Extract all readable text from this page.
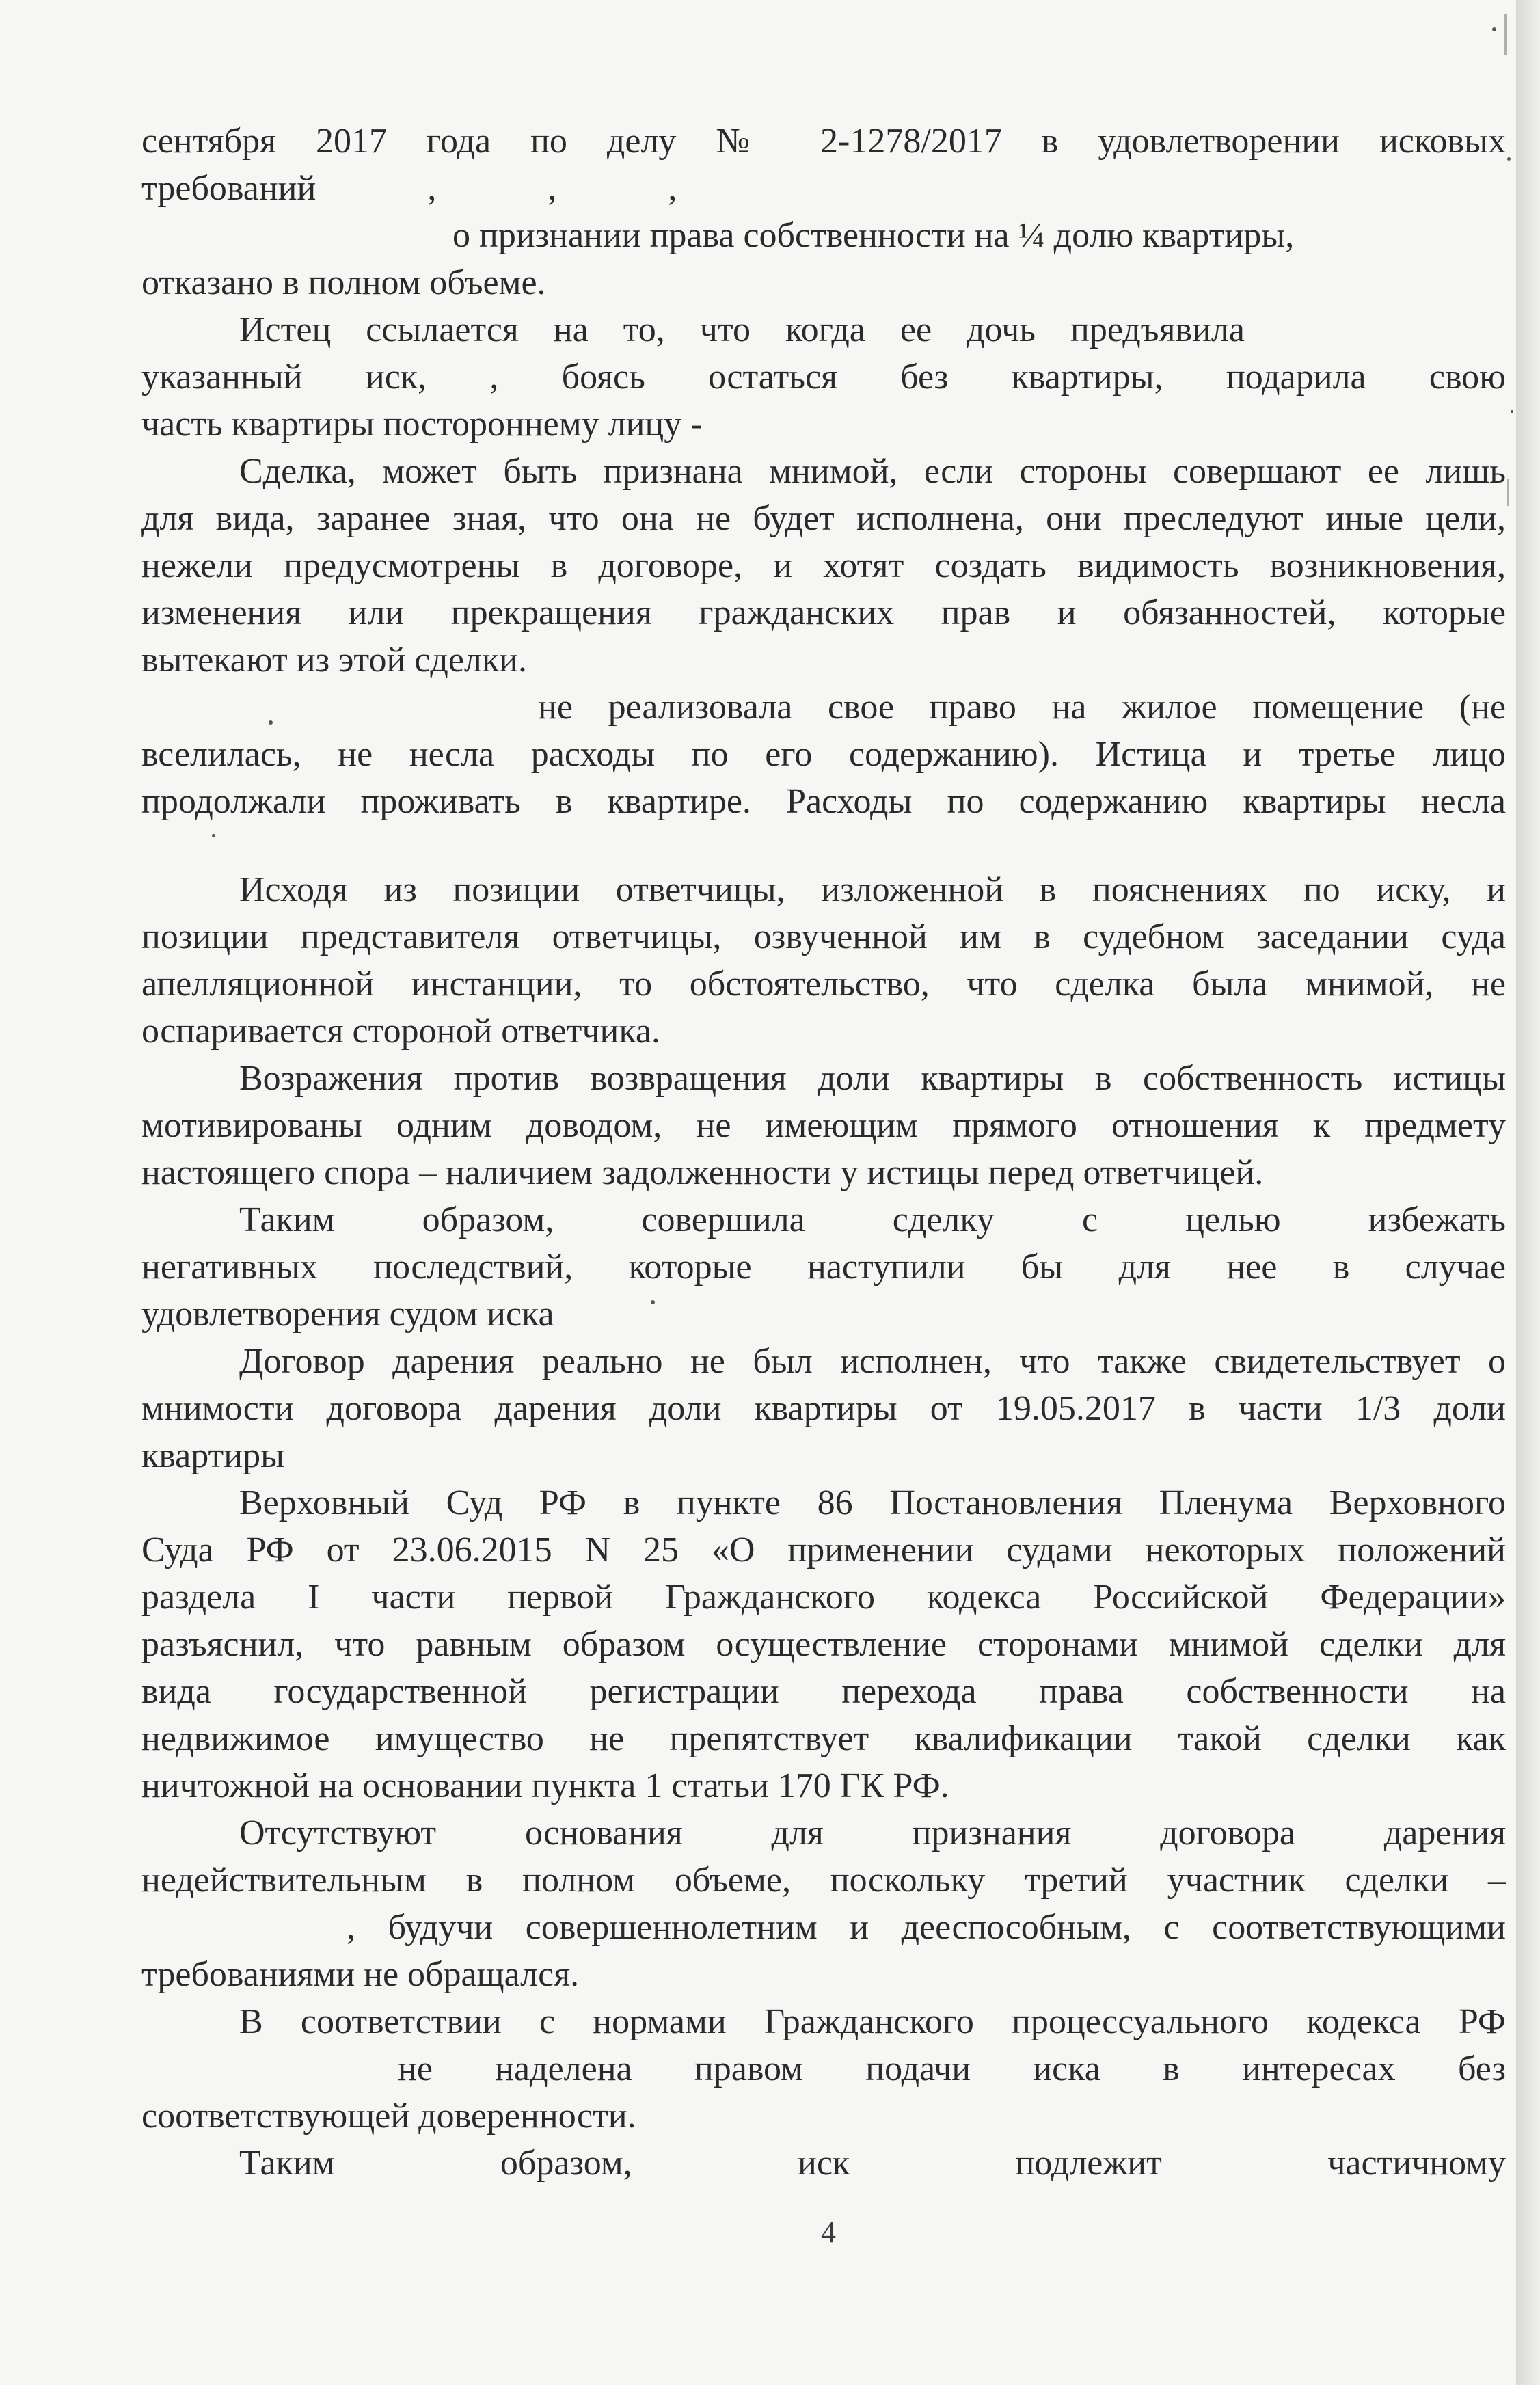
сентября 2017 года по делу № 2-1278/2017 в удовлетворении исковых
требований , , ,
о признании права собственности на ¼ долю квартиры,
отказано в полном объеме.
Истец ссылается на то, что когда ее дочь предъявила
указанный иск, , боясь остаться без квартиры, подарила свою
часть квартиры постороннему лицу -
Сделка, может быть признана мнимой, если стороны совершают ее лишь
для вида, заранее зная, что она не будет исполнена, они преследуют иные цели,
нежели предусмотрены в договоре, и хотят создать видимость возникновения,
изменения или прекращения гражданских прав и обязанностей, которые
вытекают из этой сделки.
не реализовала свое право на жилое помещение (не
вселилась, не несла расходы по его содержанию). Истица и третье лицо
продолжали проживать в квартире. Расходы по содержанию квартиры несла
Исходя из позиции ответчицы, изложенной в пояснениях по иску, и
позиции представителя ответчицы, озвученной им в судебном заседании суда
апелляционной инстанции, то обстоятельство, что сделка была мнимой, не
оспаривается стороной ответчика.
Возражения против возвращения доли квартиры в собственность истицы
мотивированы одним доводом, не имеющим прямого отношения к предмету
настоящего спора – наличием задолженности у истицы перед ответчицей.
Таким образом, совершила сделку с целью избежать
негативных последствий, которые наступили бы для нее в случае
удовлетворения судом иска
Договор дарения реально не был исполнен, что также свидетельствует о
мнимости договора дарения доли квартиры от 19.05.2017 в части 1/3 доли
квартиры
Верховный Суд РФ в пункте 86 Постановления Пленума Верховного
Суда РФ от 23.06.2015 N 25 «О применении судами некоторых положений
раздела I части первой Гражданского кодекса Российской Федерации»
разъяснил, что равным образом осуществление сторонами мнимой сделки для
вида государственной регистрации перехода права собственности на
недвижимое имущество не препятствует квалификации такой сделки как
ничтожной на основании пункта 1 статьи 170 ГК РФ.
Отсутствуют основания для признания договора дарения
недействительным в полном объеме, поскольку третий участник сделки –
, будучи совершеннолетним и дееспособным, с соответствующими
требованиями не обращался.
В соответствии с нормами Гражданского процессуального кодекса РФ
не наделена правом подачи иска в интересах без
соответствующей доверенности.
Таким образом, иск подлежит частичному
4
